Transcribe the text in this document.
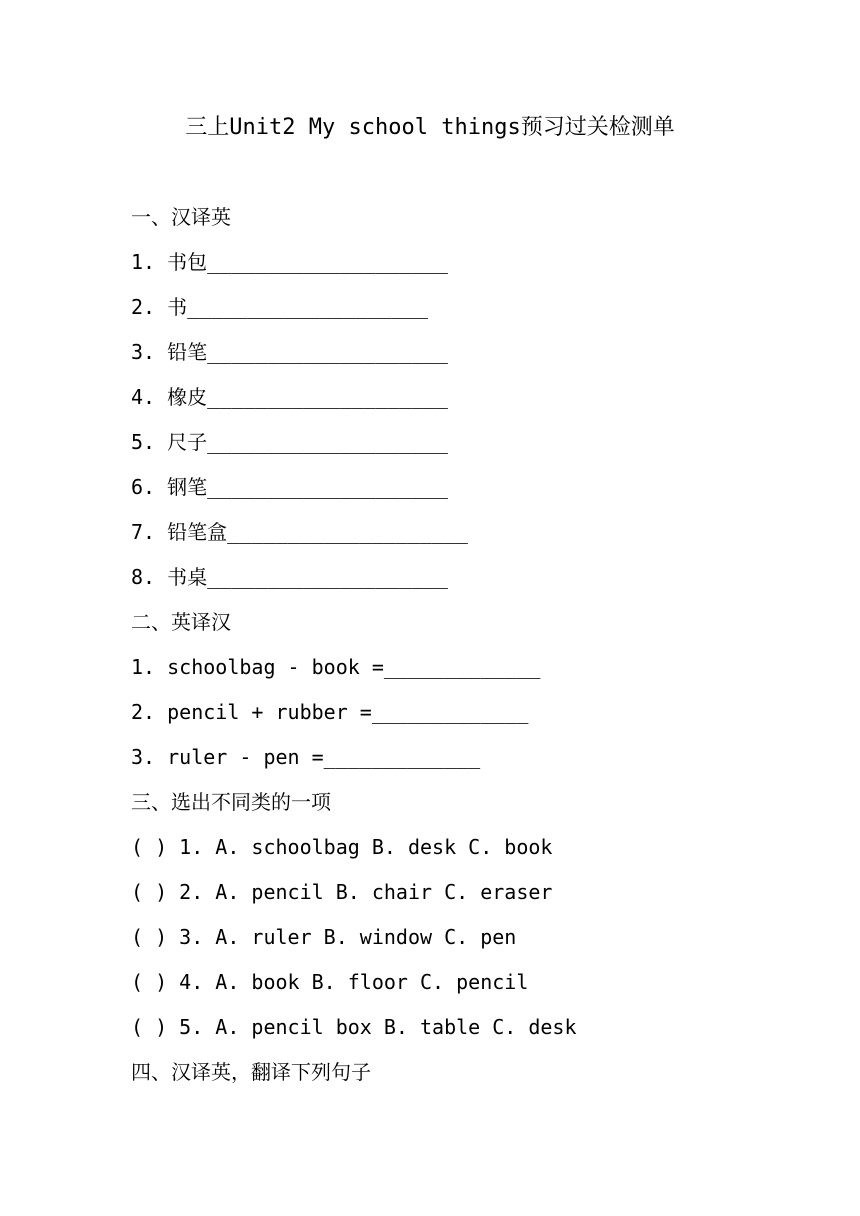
三上Unit2 My school things预习过关检测单
一、汉译英
1. 书包____________________
2. 书____________________
3. 铅笔____________________
4. 橡皮____________________
5. 尺子____________________
6. 钢笔____________________
7. 铅笔盒____________________
8. 书桌____________________
二、英译汉
1. schoolbag - book =_____________
2. pencil + rubber =_____________
3. ruler - pen =_____________
三、选出不同类的一项
( ) 1. A. schoolbag B. desk C. book
( ) 2. A. pencil B. chair C. eraser
( ) 3. A. ruler B. window C. pen
( ) 4. A. book B. floor C. pencil
( ) 5. A. pencil box B. table C. desk
四、汉译英，翻译下列句子
